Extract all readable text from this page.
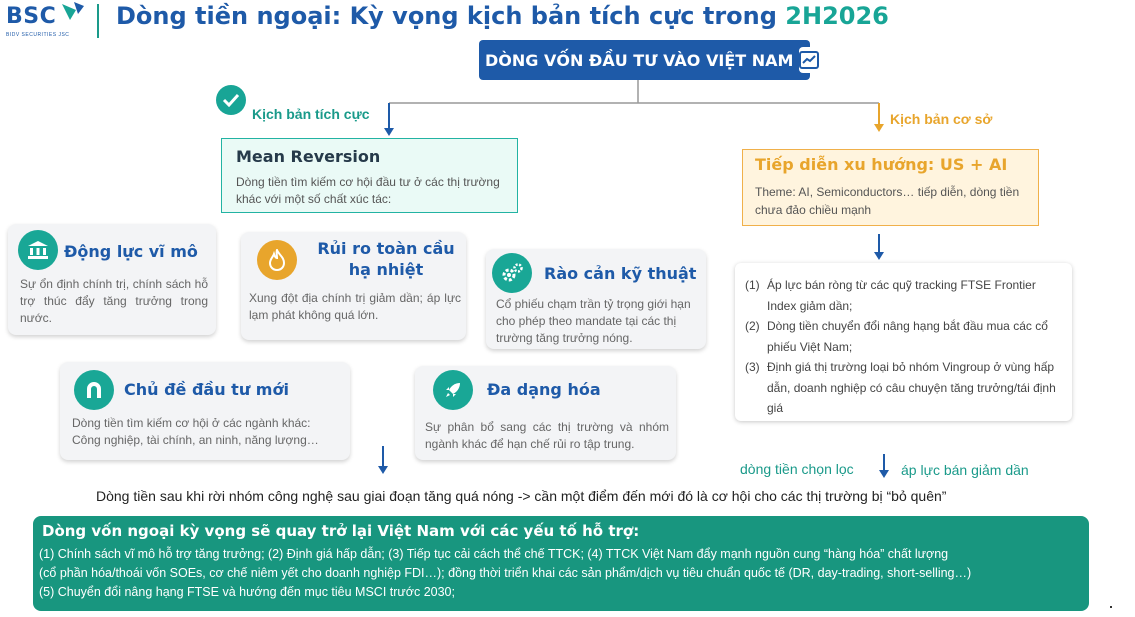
BSC
BIDV SECURITIES JSC
Dòng tiền ngoại: Kỳ vọng kịch bản tích cực trong 2H2026
DÒNG VỐN ĐẦU TƯ VÀO VIỆT NAM
Kịch bản tích cực	Kịch bản cơ sở
Mean Reversion
Dòng tiền tìm kiếm cơ hội đầu tư ở các thị trường khác với một số chất xúc tác:
Tiếp diễn xu hướng: US + AI
Theme: AI, Semiconductors… tiếp diễn, dòng tiền chưa đảo chiều mạnh
Động lực vĩ mô
Sự ổn định chính trị, chính sách hỗ trợ thúc đẩy tăng trưởng trong nước.
Rủi ro toàn cầu hạ nhiệt
Xung đột địa chính trị giảm dần; áp lực lạm phát không quá lớn.
Rào cản kỹ thuật
Cổ phiếu chạm trần tỷ trọng giới hạn cho phép theo mandate tại các thị trường tăng trưởng nóng.
Chủ đề đầu tư mới
Dòng tiền tìm kiếm cơ hội ở các ngành khác: Công nghiệp, tài chính, an ninh, năng lượng…
Đa dạng hóa
Sự phân bổ sang các thị trường và nhóm ngành khác để hạn chế rủi ro tập trung.
(1) Áp lực bán ròng từ các quỹ tracking FTSE Frontier Index giảm dần;
(2) Dòng tiền chuyển đổi nâng hạng bắt đầu mua các cổ phiếu Việt Nam;
(3) Định giá thị trường loại bỏ nhóm Vingroup ở vùng hấp dẫn, doanh nghiệp có câu chuyện tăng trưởng/tái định giá
dòng tiền chọn lọc	áp lực bán giảm dần
Dòng tiền sau khi rời nhóm công nghệ sau giai đoạn tăng quá nóng -> cần một điểm đến mới đó là cơ hội cho các thị trường bị “bỏ quên”
Dòng vốn ngoại kỳ vọng sẽ quay trở lại Việt Nam với các yếu tố hỗ trợ:
(1) Chính sách vĩ mô hỗ trợ tăng trưởng; (2) Định giá hấp dẫn; (3) Tiếp tục cải cách thể chế TTCK; (4) TTCK Việt Nam đẩy mạnh nguồn cung “hàng hóa” chất lượng
(cổ phần hóa/thoái vốn SOEs, cơ chế niêm yết cho doanh nghiệp FDI…); đồng thời triển khai các sản phẩm/dịch vụ tiêu chuẩn quốc tế (DR, day-trading, short-selling…)
(5) Chuyển đổi nâng hạng FTSE và hướng đến mục tiêu MSCI trước 2030;
